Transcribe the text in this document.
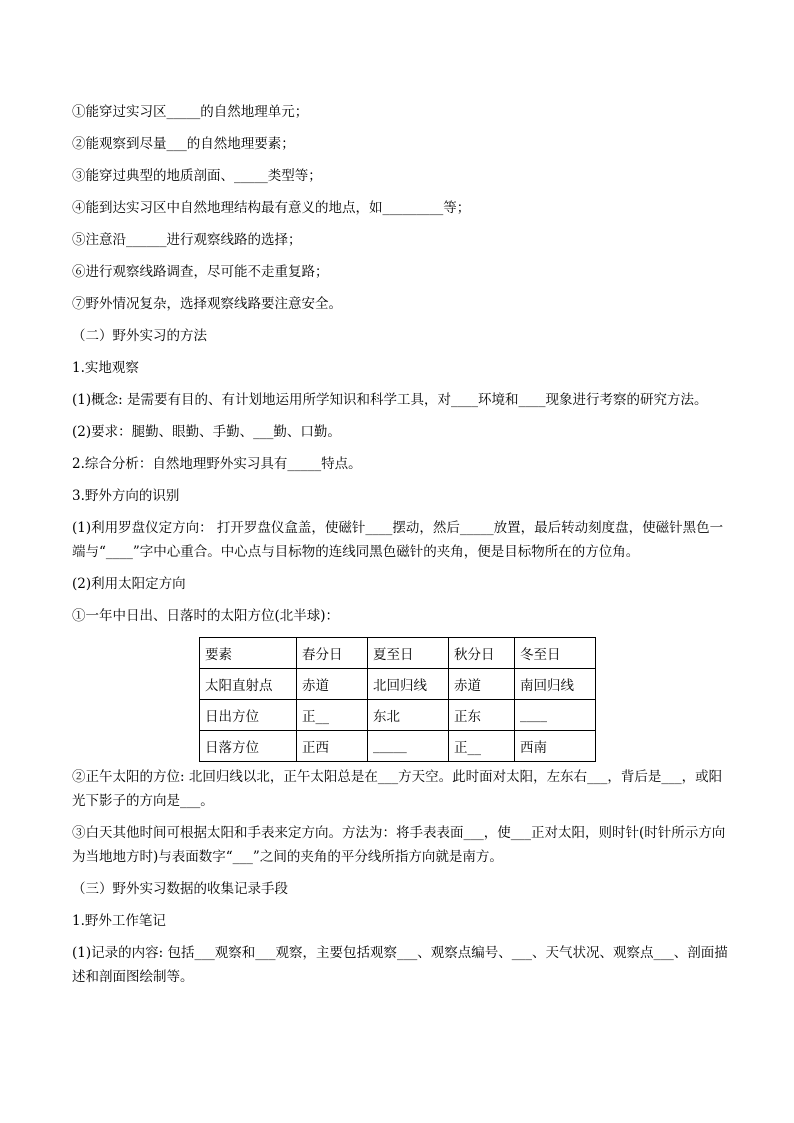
①能穿过实习区_____的自然地理单元；
②能观察到尽量___的自然地理要素；
③能穿过典型的地质剖面、_____类型等；
④能到达实习区中自然地理结构最有意义的地点，如_________等；
⑤注意沿______进行观察线路的选择；
⑥进行观察线路调查，尽可能不走重复路；
⑦野外情况复杂，选择观察线路要注意安全。
（二）野外实习的方法
1.实地观察
(1)概念: 是需要有目的、有计划地运用所学知识和科学工具，对____环境和____现象进行考察的研究方法。
(2)要求：腿勤、眼勤、手勤、___勤、口勤。
2.综合分析：自然地理野外实习具有_____特点。
3.野外方向的识别
(1)利用罗盘仪定方向： 打开罗盘仪盒盖，使磁针____摆动，然后_____放置，最后转动刻度盘，使磁针黑色一端与“____”字中心重合。中心点与目标物的连线同黑色磁针的夹角，便是目标物所在的方位角。
(2)利用太阳定方向
①一年中日出、日落时的太阳方位(北半球)：
要素	春分日	夏至日	秋分日	冬至日
太阳直射点	赤道	北回归线	赤道	南回归线
日出方位	正__	东北	正东	____
日落方位	正西	_____	正__	西南
②正午太阳的方位: 北回归线以北，正午太阳总是在___方天空。此时面对太阳，左东右___，背后是___，或阳光下影子的方向是___。
③白天其他时间可根据太阳和手表来定方向。方法为：将手表表面___，使___正对太阳，则时针(时针所示方向为当地地方时)与表面数字“___”之间的夹角的平分线所指方向就是南方。
（三）野外实习数据的收集记录手段
1.野外工作笔记
(1)记录的内容: 包括___观察和___观察，主要包括观察___、观察点编号、___、天气状况、观察点___、剖面描述和剖面图绘制等。
